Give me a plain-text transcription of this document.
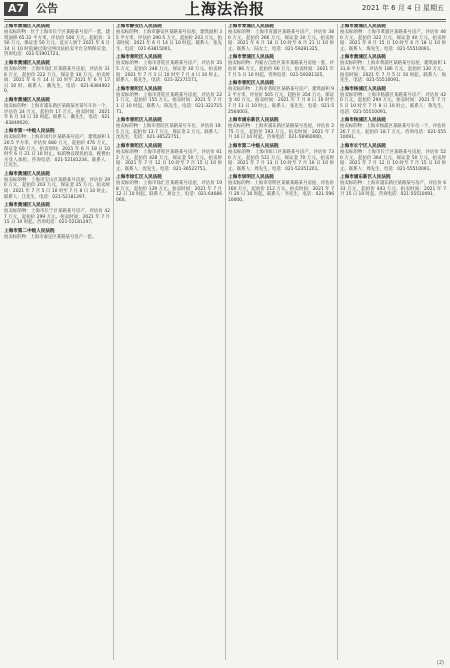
A7	公告	上海法治报	2021 年 6 月 4 日 星期五
上海市黄浦区人民法院
拍卖标的物：位于上海市长宁区某路某号房产一套，建筑面积 65.32 平方米，评估价 500 万元。起拍价：350 万元，保证金 50 万元。竞买人须于 2021 年 6 月 14 日 10 时前通过淘宝网司法拍卖平台交纳保证金。咨询电话：021-51901723。
上海市黄浦区人民法院
拍卖标的物：上海市徐汇区某路某号房屋，评估价 318 万元，起拍价 222 万元，保证金 30 万元。拍卖时间：2021 年 6 月 14 日 10 时至 2021 年 6 月 17 日 10 时。联系人：戴先生，电话：021-63849020。
上海市黄浦区人民法院
拍卖标的物：上海市浦东新区某路某弄某号车位一个，评估价 24 万元，起拍价 17 万元。拍卖时间：2021 年 6 月 14 日 10 时起。联系人：戴先生，电话：021-63849020。
上海市第一中级人民法院
拍卖标的物：上海市闵行区某路某号房产，建筑面积 120.5 平方米，评估价 680 万元，起拍价 476 万元，保证金 60 万元。拍卖时间：2021 年 6 月 18 日 10 时至 6 月 21 日 10 时止。标的物以现状拍卖，税费由买受人承担。咨询电话：021-52181234。联系人：江先生。
上海市黄浦区人民法院
拍卖标的物：上海市宝山区某路某号房屋，评估价 290 万元，起拍价 203 万元，保证金 25 万元。拍卖时间：2021 年 7 月 5 日 10 时至 7 月 8 日 10 时止。联系人：江先生，电话：021-52181297。
上海市黄浦区人民法院
拍卖标的物：上海市长宁区某路某号房产，评估价 427 万元，起拍价 299 万元。拍卖时间：2021 年 7 月 15 日 10 时起。咨询电话：021-52181297。
上海市第二中级人民法院
拍卖标的物：上海市嘉定区某路某号房产一套。
上海市静安区人民法院
拍卖标的物：上海市静安区某路某号房屋，建筑面积 35 平方米，评估价 290.5 万元，起拍价 203 万元。拍卖时间：2021 年 6 月 14 日 10 时起。联系人：张先生，电话：021-63815001。
上海市普陀区人民法院
拍卖标的物：上海市普陀区某路某号房产，评估价 355 万元，起拍价 248 万元，保证金 30 万元。拍卖时间：2021 年 7 月 1 日 10 时至 7 月 4 日 10 时止。联系人：陈先生，电话：021-32271571。
上海市普陀区人民法院
拍卖标的物：上海市普陀区某路某号房屋，评估价 221 万元，起拍价 155 万元。拍卖时间：2021 年 7 月 1 日 10 时起。联系人：陈先生，电话：021-32271571。
上海市普陀区人民法院
拍卖标的物：上海市普陀区某路某号车位，评估价 19.5 万元，起拍价 13.7 万元，保证金 2 万元。联系人：沈先生，电话：021-36522751。
上海市普陀区人民法院
拍卖标的物：上海市普陀区某路某号房产，评估价 612 万元，起拍价 428 万元，保证金 50 万元。拍卖时间：2021 年 7 月 12 日 10 时至 7 月 15 日 10 时止。联系人：沈先生，电话：021-36522751。
上海市徐汇区人民法院
拍卖标的物：上海市徐汇区某路某号房屋，评估价 198 万元，起拍价 139 万元。拍卖时间：2021 年 7 月 12 日 10 时起。联系人：刘女士，电话：021-64686060。
上海市青浦区人民法院
拍卖标的物：上海市青浦区某路某号房产，评估价 380 万元，起拍价 266 万元，保证金 30 万元。拍卖时间：2021 年 6 月 18 日 10 时至 6 月 21 日 10 时止。联系人：陆女士，电话：021-59281325。
上海市青浦区人民法院
拍卖标的物：内蒙古自治区某市某路某号房屋一套，评估价 86 万元，起拍价 60 万元。拍卖时间：2021 年 7 月 5 日 10 时起。咨询电话：021-59281325。
上海市普陀区人民法院
拍卖标的物：上海市普陀区某路某号房产，建筑面积 92 平方米，评估价 505 万元，起拍价 354 万元，保证金 40 万元。拍卖时间：2021 年 7 月 8 日 10 时至 7 月 11 日 10 时止。联系人：张先生，电话：021-52564003。
上海市浦东新区人民法院
拍卖标的物：上海市浦东新区某路某号房屋，评估价 275 万元，起拍价 193 万元。拍卖时间：2021 年 7 月 10 日 10 时起。咨询电话：021-58960000。
上海市第二中级人民法院
拍卖标的物：上海市虹口区某路某号房产，评估价 730 万元，起拍价 511 万元，保证金 70 万元。拍卖时间：2021 年 7 月 13 日 10 时至 7 月 16 日 10 时止。联系人：周先生，电话：021-52351201。
上海市崇明区人民法院
拍卖标的物：上海市崇明区某镇某路某号房屋，评估价 160 万元，起拍价 112 万元。拍卖时间：2021 年 7 月 20 日 10 时起。联系人：李先生，电话：021-59610000。
上海市黄浦区人民法院
拍卖标的物：上海市黄浦区某路某号房产，评估价 460 万元，起拍价 322 万元，保证金 40 万元。拍卖时间：2021 年 6 月 15 日 10 时至 6 月 18 日 10 时止。联系人：海先生，电话：021-55510091。
上海市黄浦区人民法院
拍卖标的物：上海市黄浦区某路某号房屋，建筑面积 131.8 平方米，评估价 186 万元，起拍价 130 万元。拍卖时间：2021 年 7 月 5 日 10 时起。联系人：海先生，电话：021-55510091。
上海市杨浦区人民法院
拍卖标的物：上海市杨浦区某路某号房产，评估价 420 万元，起拍价 294 万元。拍卖时间：2021 年 7 月 5 日 10 时至 7 月 8 日 10 时止。联系人：鲁先生，电话：021-55510091。
上海市杨浦区人民法院
拍卖标的物：上海市杨浦区某路某号车位一个，评估价 26.7 万元，起拍价 18.7 万元。咨询电话：021-55510091。
上海市长宁区人民法院
拍卖标的物：上海市长宁区某路某号房屋，评估价 520 万元，起拍价 364 万元，保证金 50 万元。拍卖时间：2021 年 7 月 12 日 10 时至 7 月 15 日 10 时止。联系人：周先生，电话：021-55510091。
上海市浦东新区人民法院
拍卖标的物：上海市浦东新区某路某号房产，评估价 633 万元，起拍价 443 万元。拍卖时间：2021 年 7 月 15 日 10 时起。咨询电话：021-55510091。
(2)
